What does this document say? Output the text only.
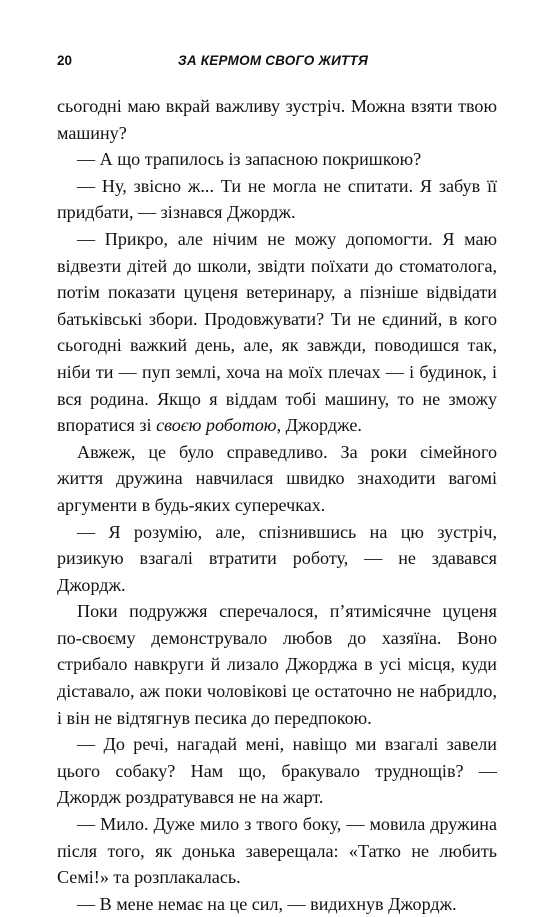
20	ЗА КЕРМОМ СВОГО ЖИТТЯ

сьогодні маю вкрай важливу зустріч. Можна взяти твою машину?

— А що трапилось із запасною покришкою?

— Ну, звісно ж... Ти не могла не спитати. Я забув її придбати, — зізнався Джордж.

— Прикро, але нічим не можу допомогти. Я маю відвезти дітей до школи, звідти поїхати до стоматолога, потім показати цуценя ветеринару, а пізніше відвідати батьківські збори. Продовжувати? Ти не єдиний, в кого сьогодні важкий день, але, як завжди, поводишся так, ніби ти — пуп землі, хоча на моїх плечах — і будинок, і вся родина. Якщо я віддам тобі машину, то не зможу впоратися зі своєю роботою, Джордже.

Авжеж, це було справедливо. За роки сімейного життя дружина навчилася швидко знаходити вагомі аргументи в будь-яких суперечках.

— Я розумію, але, спізнившись на цю зустріч, ризикую взагалі втратити роботу, — не здавався Джордж.

Поки подружжя сперечалося, п’ятимісячне цуценя по-своєму демонструвало любов до хазяїна. Воно стрибало навкруги й лизало Джорджа в усі місця, куди діставало, аж поки чоловікові це остаточно не набридло, і він не відтягнув песика до передпокою.

— До речі, нагадай мені, навіщо ми взагалі завели цього собаку? Нам що, бракувало труднощів? — Джордж роздратувався не на жарт.

— Мило. Дуже мило з твого боку, — мовила дружина після того, як донька заверещала: «Татко не любить Семі!» та розплакалась.

— В мене немає на це сил, — видихнув Джордж.
